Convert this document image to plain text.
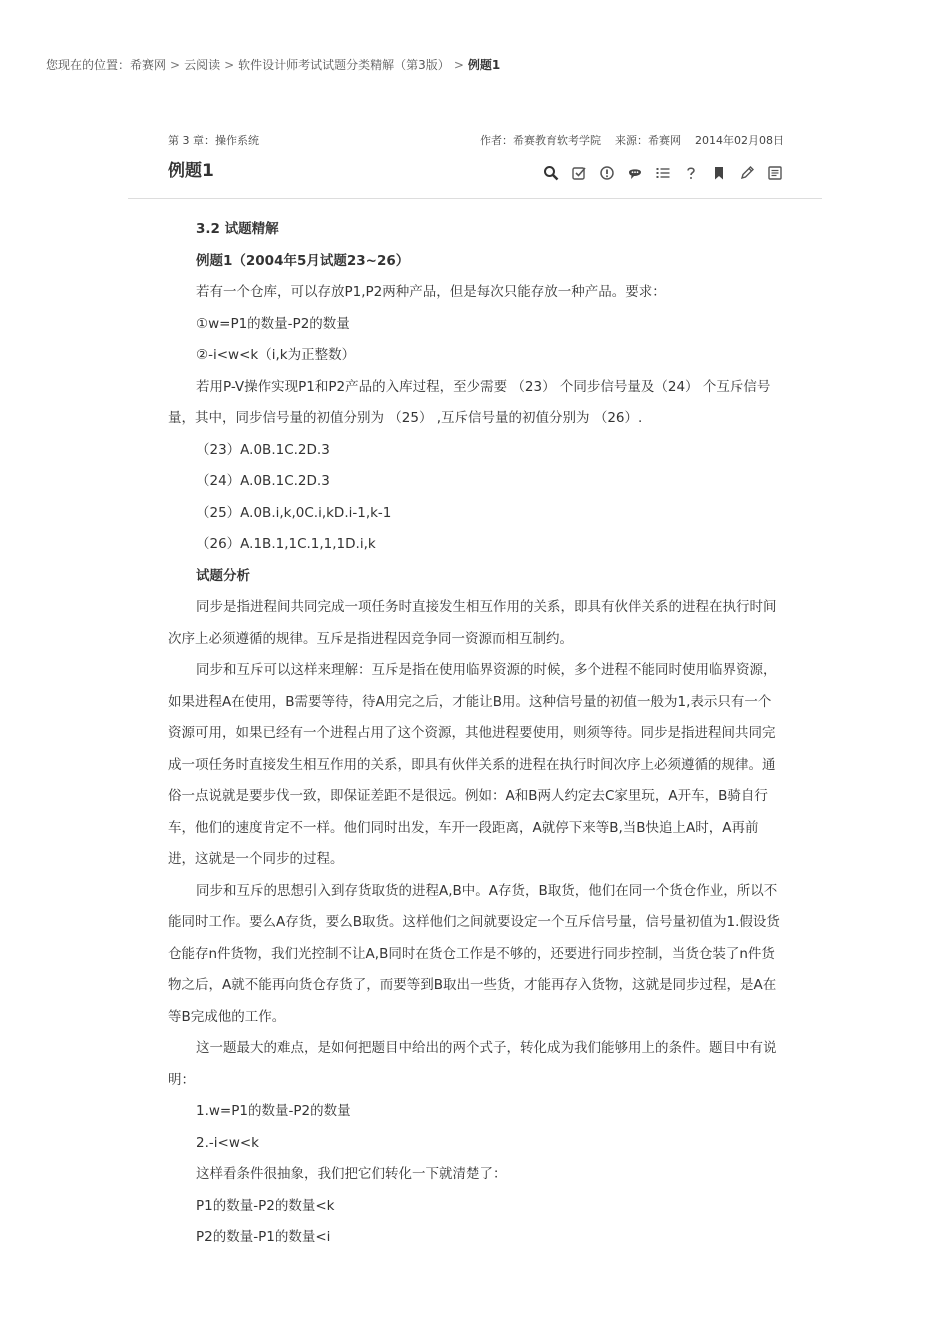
您现在的位置：希赛网 > 云阅读 > 软件设计师考试试题分类精解（第3版） > 例题1
第 3 章：操作系统	作者：希赛教育软考学院 来源：希赛网 2014年02月08日
例题1

3.2 试题精解

例题1（2004年5月试题23~26）

若有一个仓库，可以存放P1,P2两种产品，但是每次只能存放一种产品。要求：

①w=P1的数量-P2的数量

②-i<w<k（i,k为正整数）

若用P-V操作实现P1和P2产品的入库过程，至少需要 （23） 个同步信号量及（24） 个互斥信号量，其中，同步信号量的初值分别为 （25） ,互斥信号量的初值分别为 （26）.

（23）A.0B.1C.2D.3

（24）A.0B.1C.2D.3

（25）A.0B.i,k,0C.i,kD.i-1,k-1

（26）A.1B.1,1C.1,1,1D.i,k

试题分析

同步是指进程间共同完成一项任务时直接发生相互作用的关系，即具有伙伴关系的进程在执行时间次序上必须遵循的规律。互斥是指进程因竞争同一资源而相互制约。

同步和互斥可以这样来理解：互斥是指在使用临界资源的时候，多个进程不能同时使用临界资源，如果进程A在使用，B需要等待，待A用完之后，才能让B用。这种信号量的初值一般为1,表示只有一个资源可用，如果已经有一个进程占用了这个资源，其他进程要使用，则须等待。同步是指进程间共同完成一项任务时直接发生相互作用的关系，即具有伙伴关系的进程在执行时间次序上必须遵循的规律。通俗一点说就是要步伐一致，即保证差距不是很远。例如：A和B两人约定去C家里玩，A开车，B骑自行车，他们的速度肯定不一样。他们同时出发，车开一段距离，A就停下来等B,当B快追上A时，A再前进，这就是一个同步的过程。

同步和互斥的思想引入到存货取货的进程A,B中。A存货，B取货，他们在同一个货仓作业，所以不能同时工作。要么A存货，要么B取货。这样他们之间就要设定一个互斥信号量，信号量初值为1.假设货仓能存n件货物，我们光控制不让A,B同时在货仓工作是不够的，还要进行同步控制，当货仓装了n件货物之后，A就不能再向货仓存货了，而要等到B取出一些货，才能再存入货物，这就是同步过程，是A在等B完成他的工作。

这一题最大的难点，是如何把题目中给出的两个式子，转化成为我们能够用上的条件。题目中有说明：

1.w=P1的数量-P2的数量

2.-i<w<k

这样看条件很抽象，我们把它们转化一下就清楚了：

P1的数量-P2的数量<k

P2的数量-P1的数量<i
